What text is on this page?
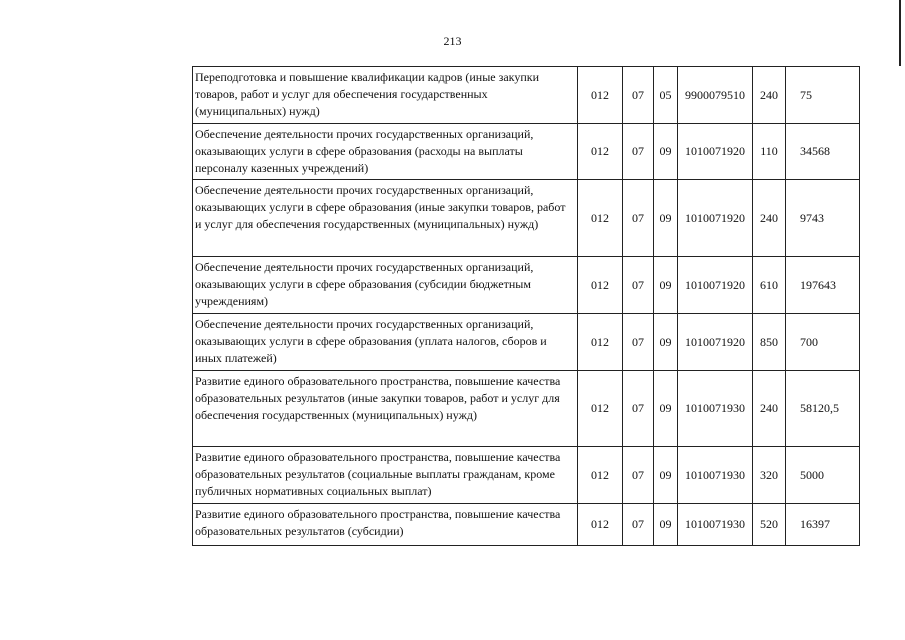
213
Переподготовка и повышение квалификации кадров (иные закупки товаров, работ и услуг для обеспечения государственных (муниципальных) нужд)	012	07	05	9900079510	240	75
Обеспечение деятельности прочих государственных организаций, оказывающих услуги в сфере образования (расходы на выплаты персоналу казенных учреждений)	012	07	09	1010071920	110	34568
Обеспечение деятельности прочих государственных организаций, оказывающих услуги в сфере образования (иные закупки товаров, работ и услуг для обеспечения государственных (муниципальных) нужд)	012	07	09	1010071920	240	9743
Обеспечение деятельности прочих государственных организаций, оказывающих услуги в сфере образования (субсидии бюджетным учреждениям)	012	07	09	1010071920	610	197643
Обеспечение деятельности прочих государственных организаций, оказывающих услуги в сфере образования (уплата налогов, сборов и иных платежей)	012	07	09	1010071920	850	700
Развитие единого образовательного пространства, повышение качества образовательных результатов (иные закупки товаров, работ и услуг для обеспечения государственных (муниципальных) нужд)	012	07	09	1010071930	240	58120,5
Развитие единого образовательного пространства, повышение качества образовательных результатов (социальные выплаты гражданам, кроме публичных нормативных социальных выплат)	012	07	09	1010071930	320	5000
Развитие единого образовательного пространства, повышение качества образовательных результатов (субсидии)	012	07	09	1010071930	520	16397
